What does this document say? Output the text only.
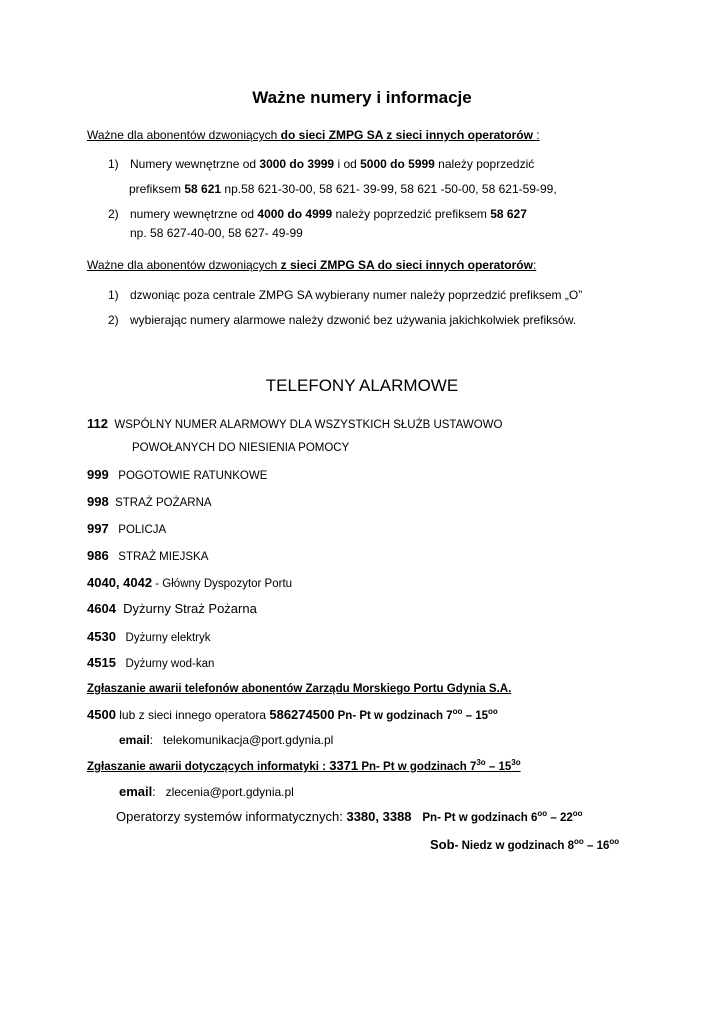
Ważne numery i informacje
Ważne dla abonentów dzwoniących do sieci ZMPG SA z sieci innych operatorów :
1) Numery wewnętrzne od 3000 do 3999 i od 5000 do 5999 należy poprzedzić
prefiksem 58 621 np.58 621-30-00, 58 621- 39-99, 58 621 -50-00, 58 621-59-99,
2) numery wewnętrzne od 4000 do 4999 należy poprzedzić prefiksem 58 627
np. 58 627-40-00, 58 627- 49-99
Ważne dla abonentów dzwoniących z sieci ZMPG SA do sieci innych operatorów:
1) dzwoniąc poza centrale ZMPG SA wybierany numer należy poprzedzić prefiksem „O”
2) wybierając numery alarmowe należy dzwonić bez używania jakichkolwiek prefiksów.
TELEFONY ALARMOWE
112 WSPÓLNY NUMER ALARMOWY DLA WSZYSTKICH SŁUŻB USTAWOWO
POWOŁANYCH DO NIESIENIA POMOCY
999 POGOTOWIE RATUNKOWE
998 STRAŻ POŻARNA
997 POLICJA
986 STRAŻ MIEJSKA
4040, 4042 - Główny Dyspozytor Portu
4604 Dyżurny Straż Pożarna
4530 Dyżurny elektryk
4515 Dyżurny wod-kan
Zgłaszanie awarii telefonów abonentów Zarządu Morskiego Portu Gdynia S.A.
4500 lub z sieci innego operatora 586274500 Pn- Pt w godzinach $7^{oo} - 15^{oo}$
email:   telekomunikacja@port.gdynia.pl
Zgłaszanie awarii dotyczących informatyki : 3371 Pn- Pt w godzinach $7^{3o} - 15^{3o}$
email:   zlecenia@port.gdynia.pl
Operatorzy systemów informatycznych: 3380, 3388 Pn- Pt w godzinach $6^{oo} - 22^{oo}$
Sob- Niedz w godzinach $8^{oo} - 16^{oo}$
